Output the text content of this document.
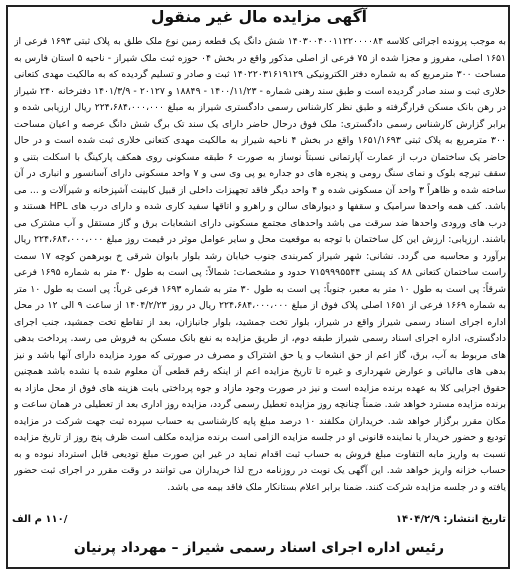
آگهی مزایده مال غیر منقول
به موجب پرونده اجرائی کلاسه ۱۴۰۳۰۰۴۰۰۱۱۲۲۰۰۰۰۸۴ شش دانگ یک قطعه زمین نوع ملک طلق به پلاک ثبتی ۱۶۹۳ فرعی از ۱۶۵۱ اصلی، مفروز و مجزا شده از ۷۵ فرعی از اصلی مذکور واقع در بخش ۰۴ حوزه ثبت ملک شیراز - ناحیه ۵ استان فارس به مساحت ۳۰۰ مترمربع که به شماره دفتر الکترونیکی ۱۴۰۲۲۰۳۱۶۱۹۱۲۹ ثبت و صادر و تسلیم گردیده که به مالکیت مهدی کتعانی خلاری ثبت و سند صادر گردیده است و طبق سند رهنی شماره - ۱۴۰۰/۱۱/۲۳ - ۱۸۸۴۹ و ۲۰۱۲۷ - ۱۴۰۱/۳/۹ دفترخانه ۲۴۰ شیراز در رهن بانک مسکن قرارگرفته و طبق نظر کارشناس رسمی دادگستری شیراز به مبلغ ۲۲۴،۶۸۴،۰۰۰،۰۰۰ ریال ارزیابی شده و برابر گزارش کارشناس رسمی دادگستری: ملک فوق درحال حاضر دارای یک سند تک برگ شش دانگ عرصه و اعیان مساحت ۳۰۰ مترمربع به پلاک ثبتی ۱۶۵۱/۱۶۹۳ واقع در بخش ۴ ناحیه شیراز به مالکیت مهدی کتعانی خلاری ثبت شده است و در حال حاضر یک ساختمان درب از عمارت آپارتمانی نسبتاً نوساز به صورت ۶ طبقه مسکونی روی همکف پارکینگ با اسکلت بتنی و سقف تیرچه بلوک و نمای سنگ رومی و پنجره های دو جداره یو پی وی سی و ۷ واحد مسکونی دارای آسانسور و انباری در آن ساخته شده و ظاهراً ۳ واحد آن مسکونی شده و ۴ واحد دیگر فاقد تجهیزات داخلی از قبیل کابینت آشپزخانه و شیرآلات و ... می باشد. کف همه واحدها سرامیک و سقفها و دیوارهای سالن و راهرو و اتاقها سفید کاری شده و دارای درب های HPL هستند و درب های ورودی واحدها ضد سرقت می باشد واحدهای مجتمع مسکونی دارای انشعابات برق و گاز مستقل و آب مشترک می باشند. ارزیابی: ارزش این کل ساختمان با توجه به موقعیت محل و سایر عوامل موثر در قیمت روز مبلغ ۲۲۴،۶۸۴،۰۰۰،۰۰۰ ریال برآورد و محاسبه می گردد. نشانی: شهر شیراز کمربندی جنوب خیابان رشد بلوار بابوان شرقی خ بوبرهمن کوچه ۱۷ سمت راست ساختمان کتعانی ۸۸ کد پستی ۷۱۵۹۹۹۵۵۴۴ حدود و مشخصات: شمالاً: پی است به طول ۳۰ متر به شماره ۱۶۹۵ فرعی شرقاً: پی است به طول ۱۰ متر به معبر، جنوباً: پی است به طول ۳۰ متر به شماره ۱۶۹۳ فرعی غرباً: پی است به طول ۱۰ متر به شماره ۱۶۶۹ فرعی از ۱۶۵۱ اصلی پلاک فوق از مبلغ ۲۲۴،۶۸۴،۰۰۰،۰۰۰ ریال در روز ۱۴۰۴/۲/۲۳ از ساعت ۹ الی ۱۲ در محل اداره اجرای اسناد رسمی شیراز واقع در شیراز، بلوار تخت جمشید، بلوار جانبازان، بعد از تقاطع تخت جمشید، جنب اجرای دادگستری، اداره اجرای اسناد رسمی شیراز طبقه دوم، از طریق مزایده به نفع بانک مسکن به فروش می رسد. پرداخت بدهی های مربوط به آب، برق، گاز اعم از حق انشعاب و یا حق اشتراک و مصرف در صورتی که مورد مزایده دارای آنها باشد و نیز بدهی های مالیاتی و عوارض شهرداری و غیره تا تاریخ مزایده اعم از اینکه رقم قطعی آن معلوم شده یا نشده باشد همچنین حقوق اجرایی کلا به عهده برنده مزایده است و نیز در صورت وجود مازاد و جوه پرداختی بابت هزینه های فوق از محل مازاد به برنده مزایده مسترد خواهد شد. ضمناً چنانچه روز مزایده تعطیل رسمی گردد، مزایده روز اداری بعد از تعطیلی در همان ساعت و مکان مقرر برگزار خواهد شد. خریداران مکلفند ۱۰ درصد مبلغ پایه کارشناسی به حساب سپرده ثبت جهت شرکت در مزایده تودیع و حضور خریدار یا نماینده قانونی او در جلسه مزایده الزامی است برنده مزایده مکلف است ظرف پنج روز از تاریخ مزایده نسبت به واریز مابه التفاوت مبلغ فروش به حساب ثبت اقدام نماید در غیر این صورت مبلغ تودیعی قابل استرداد نبوده و به حساب خزانه واریز خواهد شد. این آگهی یک نوبت در روزنامه درج لذا خریداران می توانند در وقت مقرر در اجرای ثبت حضور یافته و در جلسه مزایده شرکت کنند. ضمنا برابر اعلام بستانکار ملک فاقد بیمه می باشد.
تاریخ انتشار: ۱۴۰۴/۲/۹
/۱۱۰ م الف
رئیس اداره اجرای اسناد رسمی شیراز – مهرداد پرنیان
